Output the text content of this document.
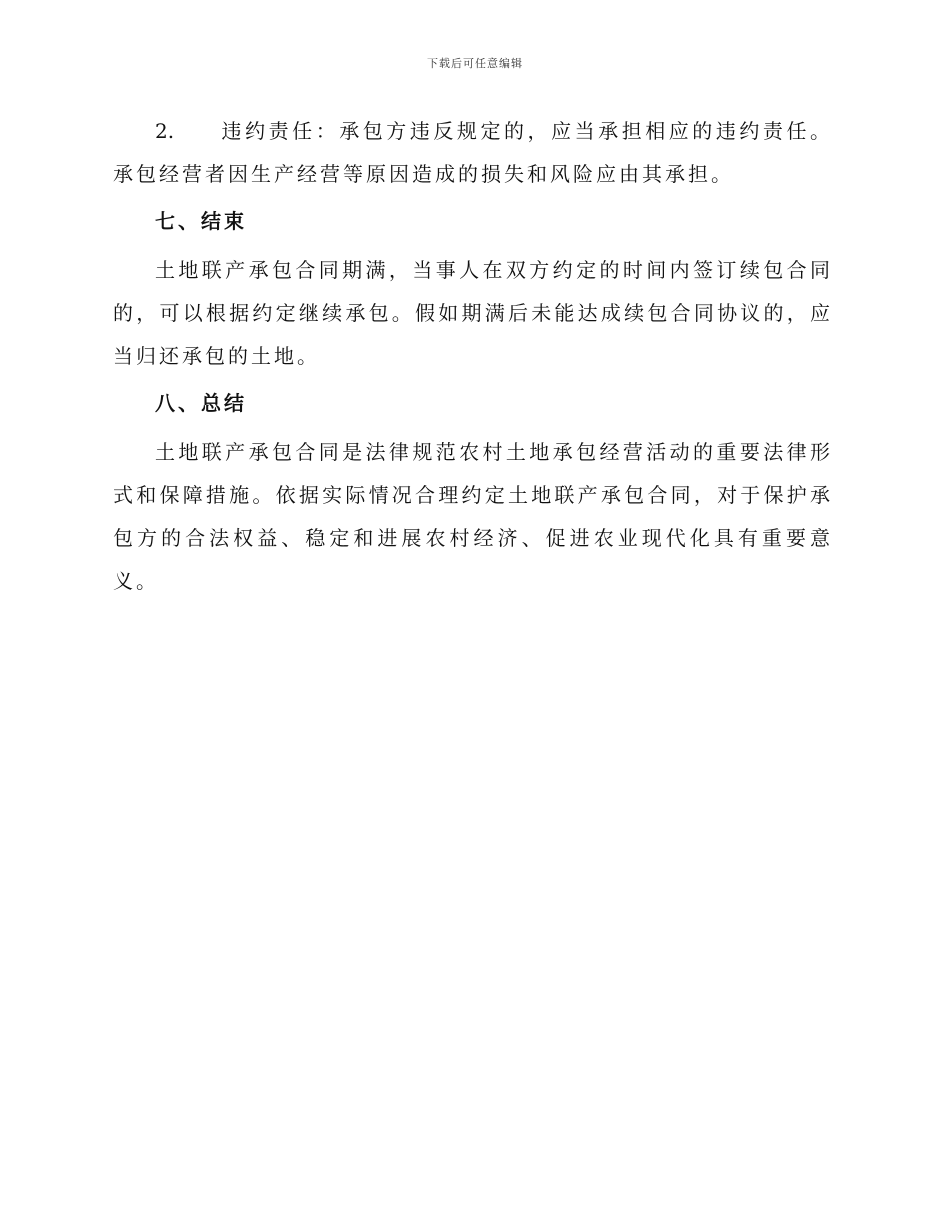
下载后可任意编辑

2. 违约责任：承包方违反规定的，应当承担相应的违约责任。承包经营者因生产经营等原因造成的损失和风险应由其承担。

七、结束

土地联产承包合同期满，当事人在双方约定的时间内签订续包合同的，可以根据约定继续承包。假如期满后未能达成续包合同协议的，应当归还承包的土地。

八、总结

土地联产承包合同是法律规范农村土地承包经营活动的重要法律形式和保障措施。依据实际情况合理约定土地联产承包合同，对于保护承包方的合法权益、稳定和进展农村经济、促进农业现代化具有重要意义。
